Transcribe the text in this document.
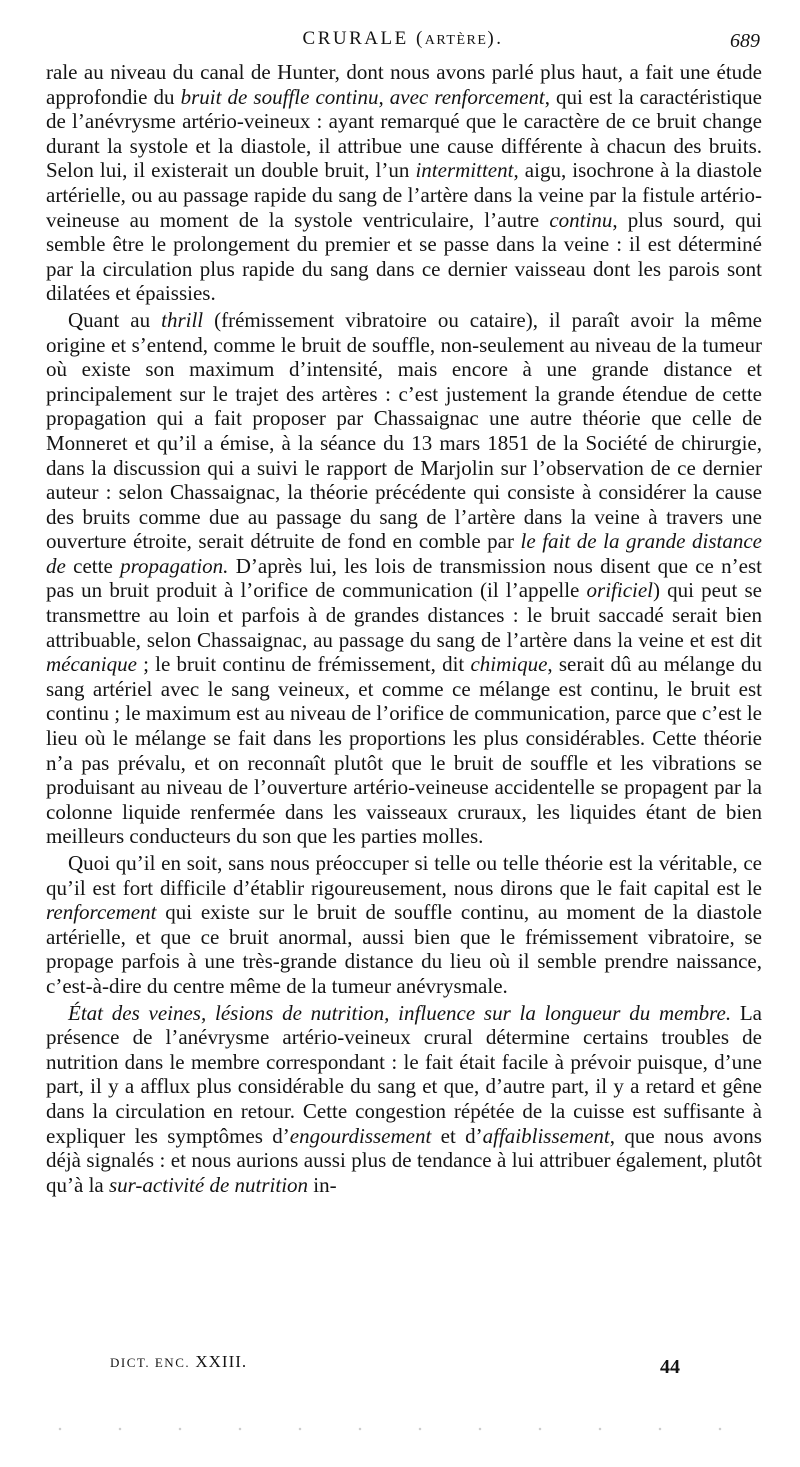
CRURALE (ARTÈRE).	689

rale au niveau du canal de Hunter, dont nous avons parlé plus haut, a fait une étude approfondie du bruit de souffle continu, avec renforcement, qui est la caractéristique de l’anévrysme artério-veineux : ayant remarqué que le caractère de ce bruit change durant la systole et la diastole, il attribue une cause différente à chacun des bruits. Selon lui, il existerait un double bruit, l’un intermittent, aigu, isochrone à la diastole artérielle, ou au passage rapide du sang de l’artère dans la veine par la fistule artério-veineuse au moment de la systole ventriculaire, l’autre continu, plus sourd, qui semble être le prolongement du premier et se passe dans la veine : il est déterminé par la circulation plus rapide du sang dans ce dernier vaisseau dont les parois sont dilatées et épaissies.

Quant au thrill (frémissement vibratoire ou cataire), il paraît avoir la même origine et s’entend, comme le bruit de souffle, non-seulement au niveau de la tumeur où existe son maximum d’intensité, mais encore à une grande distance et principalement sur le trajet des artères : c’est justement la grande étendue de cette propagation qui a fait proposer par Chassaignac une autre théorie que celle de Monneret et qu’il a émise, à la séance du 13 mars 1851 de la Société de chirurgie, dans la discussion qui a suivi le rapport de Marjolin sur l’observation de ce dernier auteur : selon Chassaignac, la théorie précédente qui consiste à considérer la cause des bruits comme due au passage du sang de l’artère dans la veine à travers une ouverture étroite, serait détruite de fond en comble par le fait de la grande distance de cette propagation. D’après lui, les lois de transmission nous disent que ce n’est pas un bruit produit à l’orifice de communication (il l’appelle orificiel) qui peut se transmettre au loin et parfois à de grandes distances : le bruit saccadé serait bien attribuable, selon Chassaignac, au passage du sang de l’artère dans la veine et est dit mécanique ; le bruit continu de frémissement, dit chimique, serait dû au mélange du sang artériel avec le sang veineux, et comme ce mélange est continu, le bruit est continu ; le maximum est au niveau de l’orifice de communication, parce que c’est le lieu où le mélange se fait dans les proportions les plus considérables. Cette théorie n’a pas prévalu, et on reconnaît plutôt que le bruit de souffle et les vibrations se produisant au niveau de l’ouverture artério-veineuse accidentelle se propagent par la colonne liquide renfermée dans les vaisseaux cruraux, les liquides étant de bien meilleurs conducteurs du son que les parties molles.

Quoi qu’il en soit, sans nous préoccuper si telle ou telle théorie est la véritable, ce qu’il est fort difficile d’établir rigoureusement, nous dirons que le fait capital est le renforcement qui existe sur le bruit de souffle continu, au moment de la diastole artérielle, et que ce bruit anormal, aussi bien que le frémissement vibratoire, se propage parfois à une très-grande distance du lieu où il semble prendre naissance, c’est-à-dire du centre même de la tumeur anévrysmale.

État des veines, lésions de nutrition, influence sur la longueur du membre. La présence de l’anévrysme artério-veineux crural détermine certains troubles de nutrition dans le membre correspondant : le fait était facile à prévoir puisque, d’une part, il y a afflux plus considérable du sang et que, d’autre part, il y a retard et gêne dans la circulation en retour. Cette congestion répétée de la cuisse est suffisante à expliquer les symptômes d’engourdissement et d’affaiblissement, que nous avons déjà signalés : et nous aurions aussi plus de tendance à lui attribuer également, plutôt qu’à la sur-activité de nutrition in-

DICT. ENC. XXIII.	44
